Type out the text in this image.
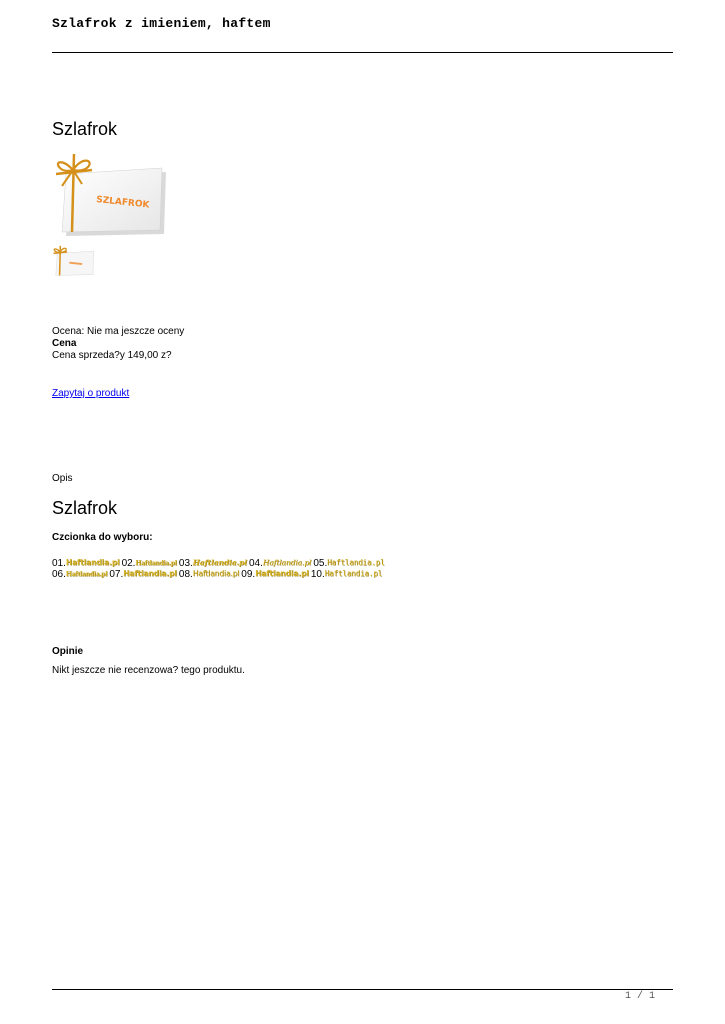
Szlafrok z imieniem, haftem
Szlafrok
SZLAFROK
Ocena: Nie ma jeszcze oceny
Cena
Cena sprzeda?y 149,00 z?
Zapytaj o produkt
Opis
Szlafrok
Czcionka do wyboru:
01. Haftlandia.pl 02. Haftlandia.pl 03. Haftlandia.pl 04. Haftlandia.pl 05. Haftlandia.pl
06. Haftlandia.pl 07. Haftlandia.pl 08. Haftlandia.pl 09. Haftlandia.pl 10. Haftlandia.pl
Opinie
Nikt jeszcze nie recenzowa? tego produktu.
1 / 1
